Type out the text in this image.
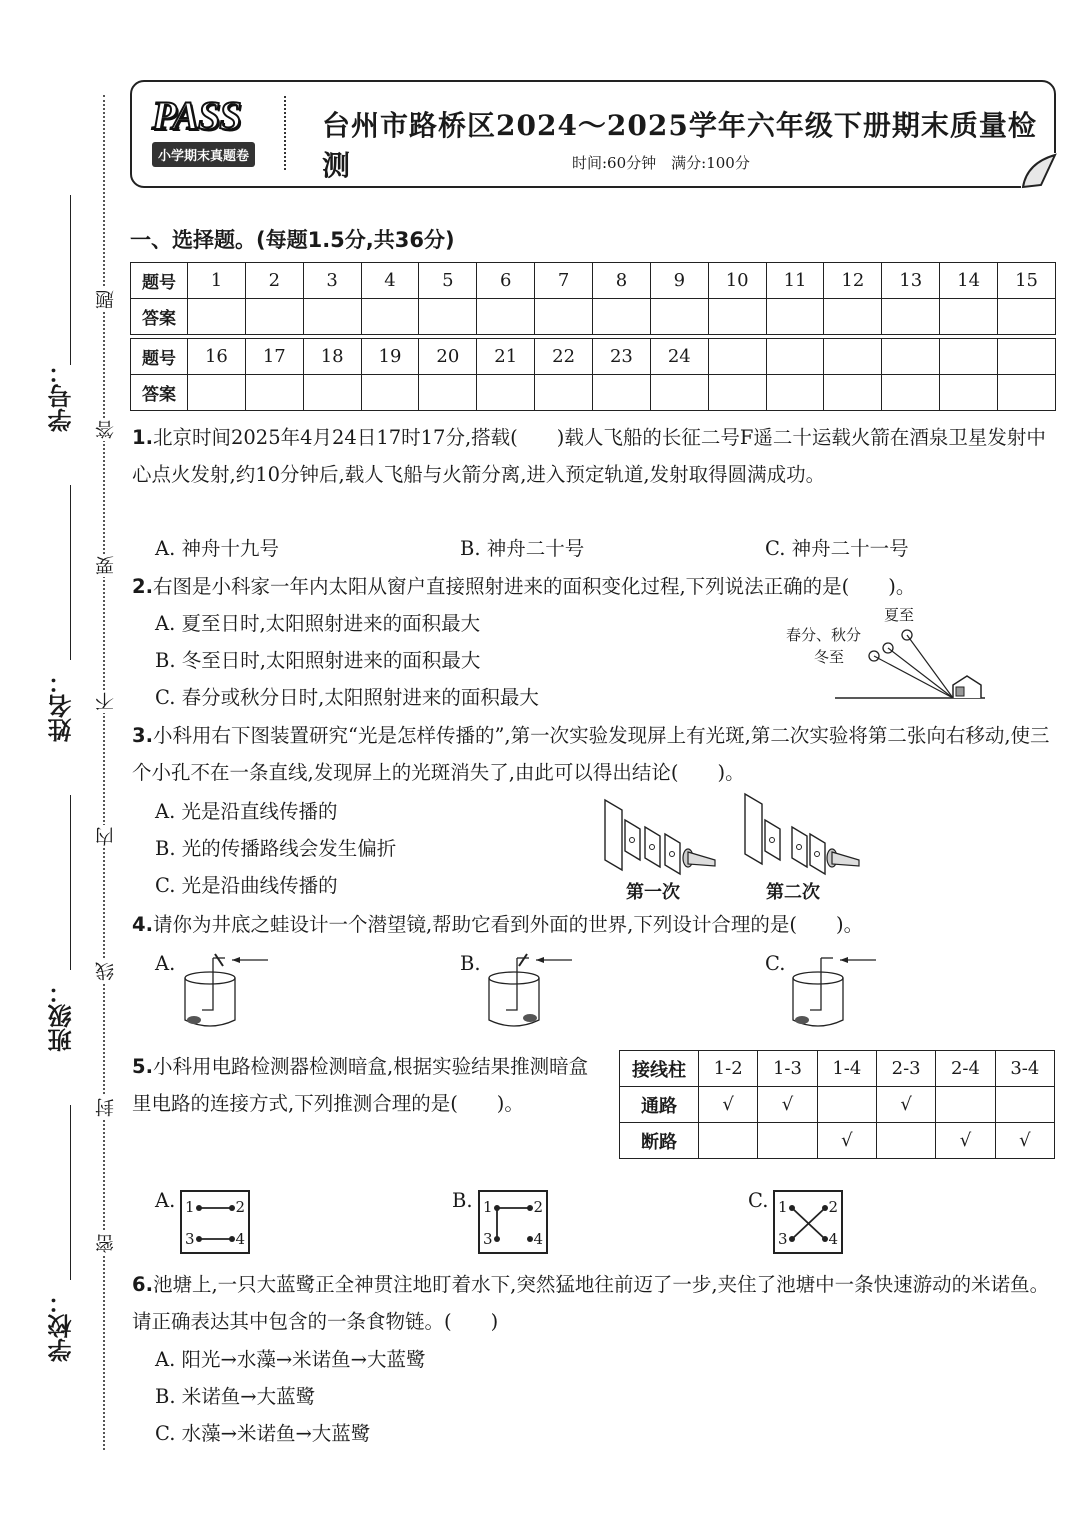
学号：
姓名：
班级：
学校：
题
答
要
不
内
线
封
密
PASS
小学期末真题卷
台州市路桥区2024～2025学年六年级下册期末质量检测	时间:60分钟　满分:100分
一、选择题。(每题1.5分,共36分)
题号	1	2	3	4	5	6	7	8	9	10	11	12	13	14	15
答案															
题号	16	17	18	19	20	21	22	23	24						
答案															
1.北京时间2025年4月24日17时17分,搭载(　　)载人飞船的长征二号F遥二十运载火箭在酒泉卫星发射中心点火发射,约10分钟后,载人飞船与火箭分离,进入预定轨道,发射取得圆满成功。
A. 神舟十九号	B. 神舟二十号	C. 神舟二十一号
2.右图是小科家一年内太阳从窗户直接照射进来的面积变化过程,下列说法正确的是(　　)。
A. 夏至日时,太阳照射进来的面积最大
B. 冬至日时,太阳照射进来的面积最大
C. 春分或秋分日时,太阳照射进来的面积最大
夏至
春分、秋分
冬至
3.小科用右下图装置研究“光是怎样传播的”,第一次实验发现屏上有光斑,第二次实验将第二张向右移动,使三个小孔不在一条直线,发现屏上的光斑消失了,由此可以得出结论(　　)。
A. 光是沿直线传播的
B. 光的传播路线会发生偏折
C. 光是沿曲线传播的	第一次	第二次
4.请你为井底之蛙设计一个潜望镜,帮助它看到外面的世界,下列设计合理的是(　　)。
A.	B.	C.
5.小科用电路检测器检测暗盒,根据实验结果推测暗盒里电路的连接方式,下列推测合理的是(　　)。
接线柱	1-2	1-3	1-4	2-3	2-4	3-4
通路	√	√		√		
断路			√		√	√
A.	B.	C.
1	2
3	4
1	2
3	4
1	2
3	4
6.池塘上,一只大蓝鹭正全神贯注地盯着水下,突然猛地往前迈了一步,夹住了池塘中一条快速游动的米诺鱼。请正确表达其中包含的一条食物链。(　　)
A. 阳光→水藻→米诺鱼→大蓝鹭
B. 米诺鱼→大蓝鹭
C. 水藻→米诺鱼→大蓝鹭
